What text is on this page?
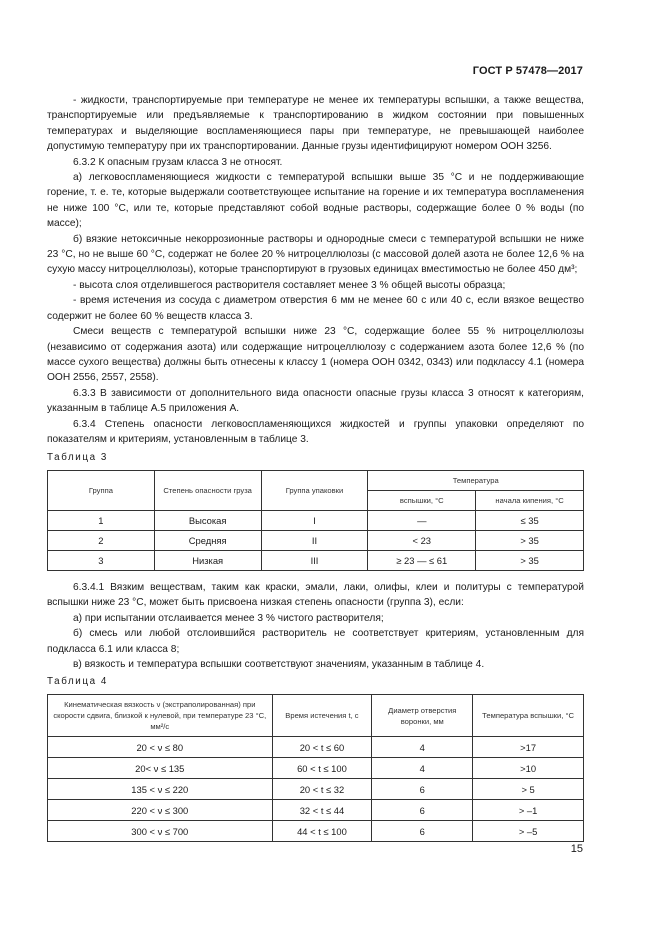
ГОСТ Р 57478—2017

- жидкости, транспортируемые при температуре не менее их температуры вспышки, а также вещества, транспортируемые или предъявляемые к транспортированию в жидком состоянии при повышенных температурах и выделяющие воспламеняющиеся пары при температуре, не превышающей наиболее допустимую температуру при их транспортировании. Данные грузы идентифицируют номером ООН 3256.

6.3.2 К опасным грузам класса 3 не относят.

а) легковоспламеняющиеся жидкости с температурой вспышки выше 35 °С и не поддерживающие горение, т. е. те, которые выдержали соответствующее испытание на горение и их температура воспламенения не ниже 100 °С, или те, которые представляют собой водные растворы, содержащие более 0 % воды (по массе);

б) вязкие нетоксичные некоррозионные растворы и однородные смеси с температурой вспышки не ниже 23 °С, но не выше 60 °С, содержат не более 20 % нитроцеллюлозы (с массовой долей азота не более 12,6 % на сухую массу нитроцеллюлозы), которые транспортируют в грузовых единицах вместимостью не более 450 дм³;

- высота слоя отделившегося растворителя составляет менее 3 % общей высоты образца;

- время истечения из сосуда с диаметром отверстия 6 мм не менее 60 с или 40 с, если вязкое вещество содержит не более 60 % веществ класса 3.

Смеси веществ с температурой вспышки ниже 23 °С, содержащие более 55 % нитроцеллюлозы (независимо от содержания азота) или содержащие нитроцеллюлозу с содержанием азота более 12,6 % (по массе сухого вещества) должны быть отнесены к классу 1 (номера ООН 0342, 0343) или подклассу 4.1 (номера ООН 2556, 2557, 2558).

6.3.3 В зависимости от дополнительного вида опасности опасные грузы класса 3 относят к категориям, указанным в таблице А.5 приложения А.

6.3.4 Степень опасности легковоспламеняющихся жидкостей и группы упаковки определяют по показателям и критериям, установленным в таблице 3.

Таблица 3
Группа	Степень опасности груза	Группа упаковки	Температура	
			вспышки, °С	начала кипения, °С
1	Высокая	I	—	≤ 35
2	Средняя	II	< 23	> 35
3	Низкая	III	≥ 23 — ≤ 61	> 35

6.3.4.1 Вязким веществам, таким как краски, эмали, лаки, олифы, клеи и политуры с температурой вспышки ниже 23 °С, может быть присвоена низкая степень опасности (группа 3), если:

а) при испытании отслаивается менее 3 % чистого растворителя;

б) смесь или любой отслоившийся растворитель не соответствует критериям, установленным для подкласса 6.1 или класса 8;

в) вязкость и температура вспышки соответствуют значениям, указанным в таблице 4.

Таблица 4
Кинематическая вязкость ν (экстраполированная) при скорости сдвига, близкой к нулевой, при температуре 23 °С, мм²/с	Время истечения t, с	Диаметр отверстия воронки, мм	Температура вспышки, °С
20 < ν ≤ 80	20 < t ≤ 60	4	>17
20< ν ≤ 135	60 < t ≤ 100	4	>10
135 < ν ≤ 220	20 < t ≤ 32	6	> 5
220 < ν ≤ 300	32 < t ≤ 44	6	> –1
300 < ν ≤ 700	44 < t ≤ 100	6	> –5
15
